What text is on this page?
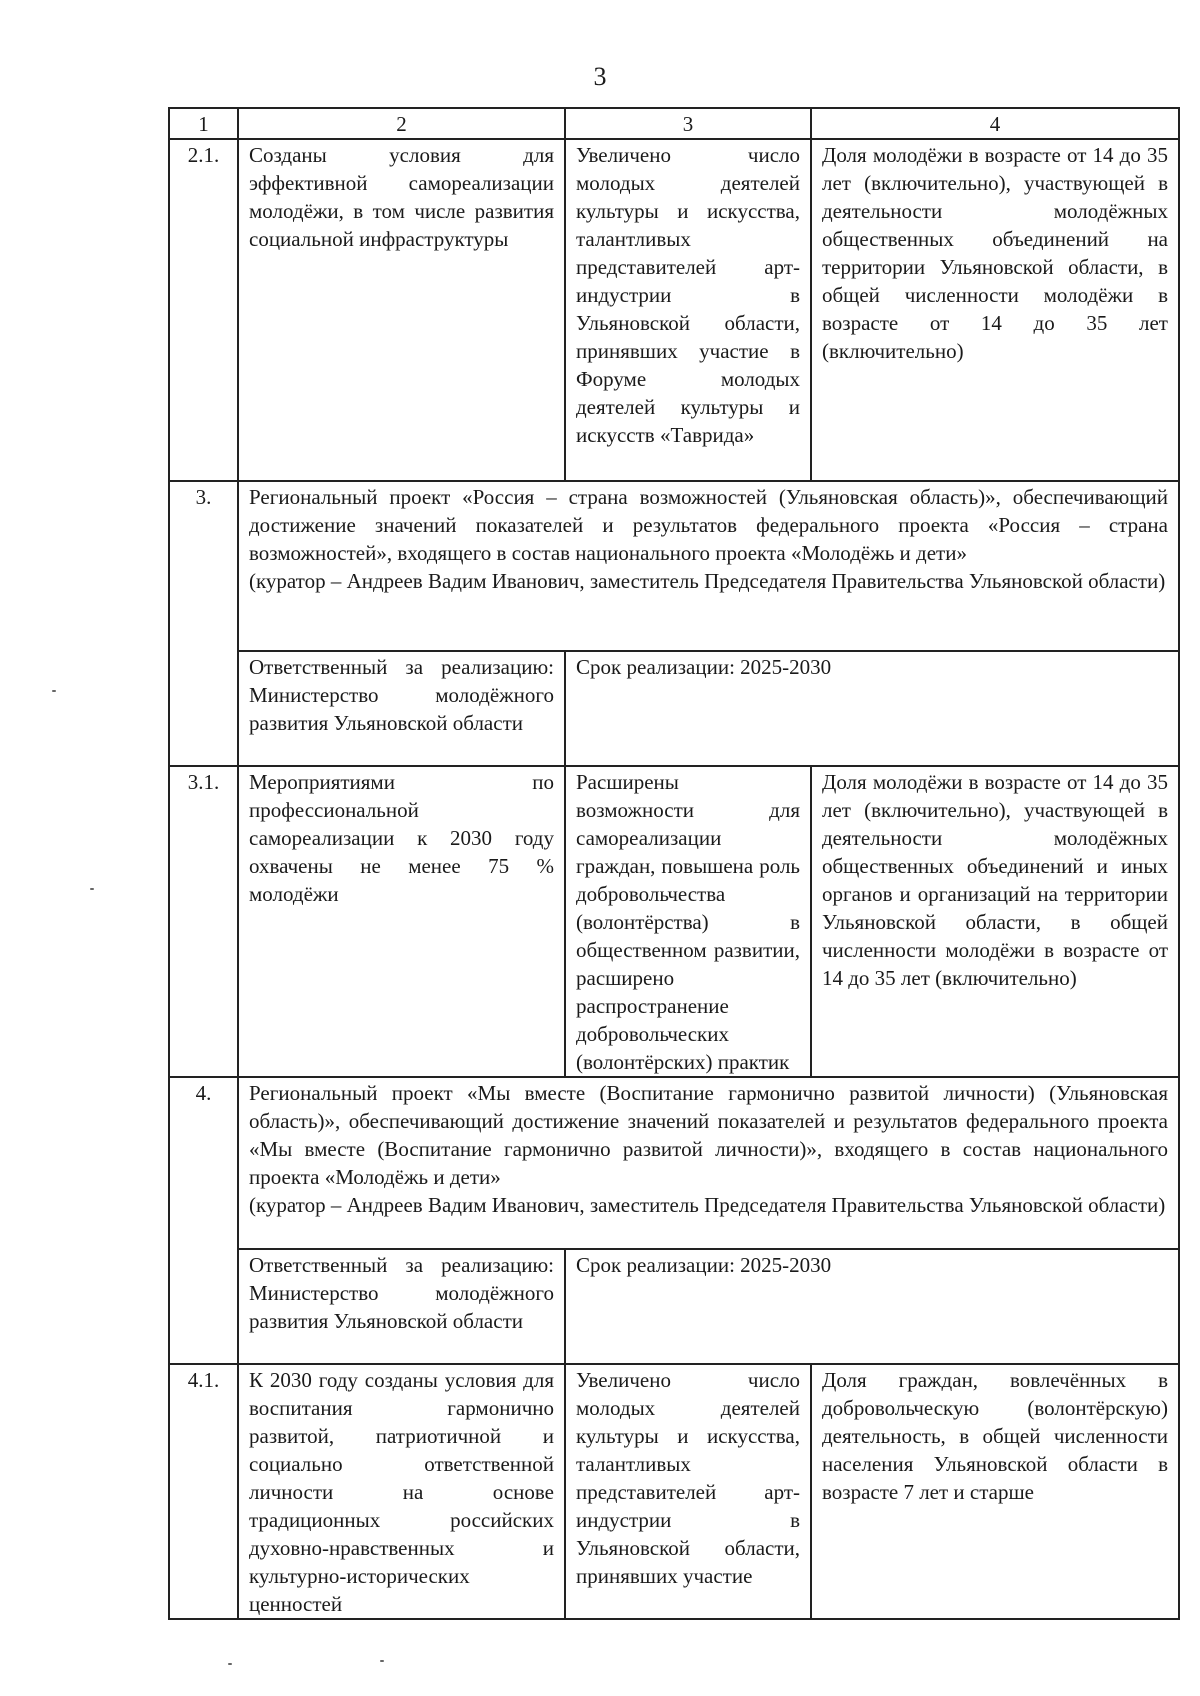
3
1	2	3	4
2.1.	Созданы условия для эффективной самореализации молодёжи, в том числе развития социальной инфраструктуры	Увеличено число молодых деятелей культуры и искусства, талантливых представителей арт-индустрии в Ульяновской области, принявших участие в Форуме молодых деятелей культуры и искусств «Таврида»	Доля молодёжи в возрасте от 14 до 35 лет (включительно), участвующей в деятельности молодёжных общественных объединений на территории Ульяновской области, в общей численности молодёжи в возрасте от 14 до 35 лет (включительно)
3.	Региональный проект «Россия – страна возможностей (Ульяновская область)», обеспечивающий достижение значений показателей и результатов федерального проекта «Россия – страна возможностей», входящего в состав национального проекта «Молодёжь и дети»

(куратор – Андреев Вадим Иванович, заместитель Председателя Правительства Ульяновской области)		

	Ответственный за реализацию: Министерство молодёжного развития Ульяновской области	Срок реализации: 2025-2030	
3.1.	Мероприятиями по профессиональной самореализации к 2030 году охвачены не менее 75 % молодёжи	Расширены возможности для самореализации граждан, повышена роль добровольчества (волонтёрства) в общественном развитии, расширено распространение добровольческих (волонтёрских) практик	Доля молодёжи в возрасте от 14 до 35 лет (включительно), участвующей в деятельности молодёжных общественных объединений и иных органов и организаций на территории Ульяновской области, в общей численности молодёжи в возрасте от 14 до 35 лет (включительно)
4.	Региональный проект «Мы вместе (Воспитание гармонично развитой личности) (Ульяновская область)», обеспечивающий достижение значений показателей и результатов федерального проекта «Мы вместе (Воспитание гармонично развитой личности)», входящего в состав национального проекта «Молодёжь и дети»

(куратор – Андреев Вадим Иванович, заместитель Председателя Правительства Ульяновской области)		

	Ответственный за реализацию: Министерство молодёжного развития Ульяновской области	Срок реализации: 2025-2030	
4.1.	К 2030 году созданы условия для воспитания гармонично развитой, патриотичной и социально ответственной личности на основе традиционных российских духовно-нравственных и культурно-исторических ценностей	Увеличено число молодых деятелей культуры и искусства, талантливых представителей арт-индустрии в Ульяновской области, принявших участие	Доля граждан, вовлечённых в добровольческую (волонтёрскую) деятельность, в общей численности населения Ульяновской области в возрасте 7 лет и старше
